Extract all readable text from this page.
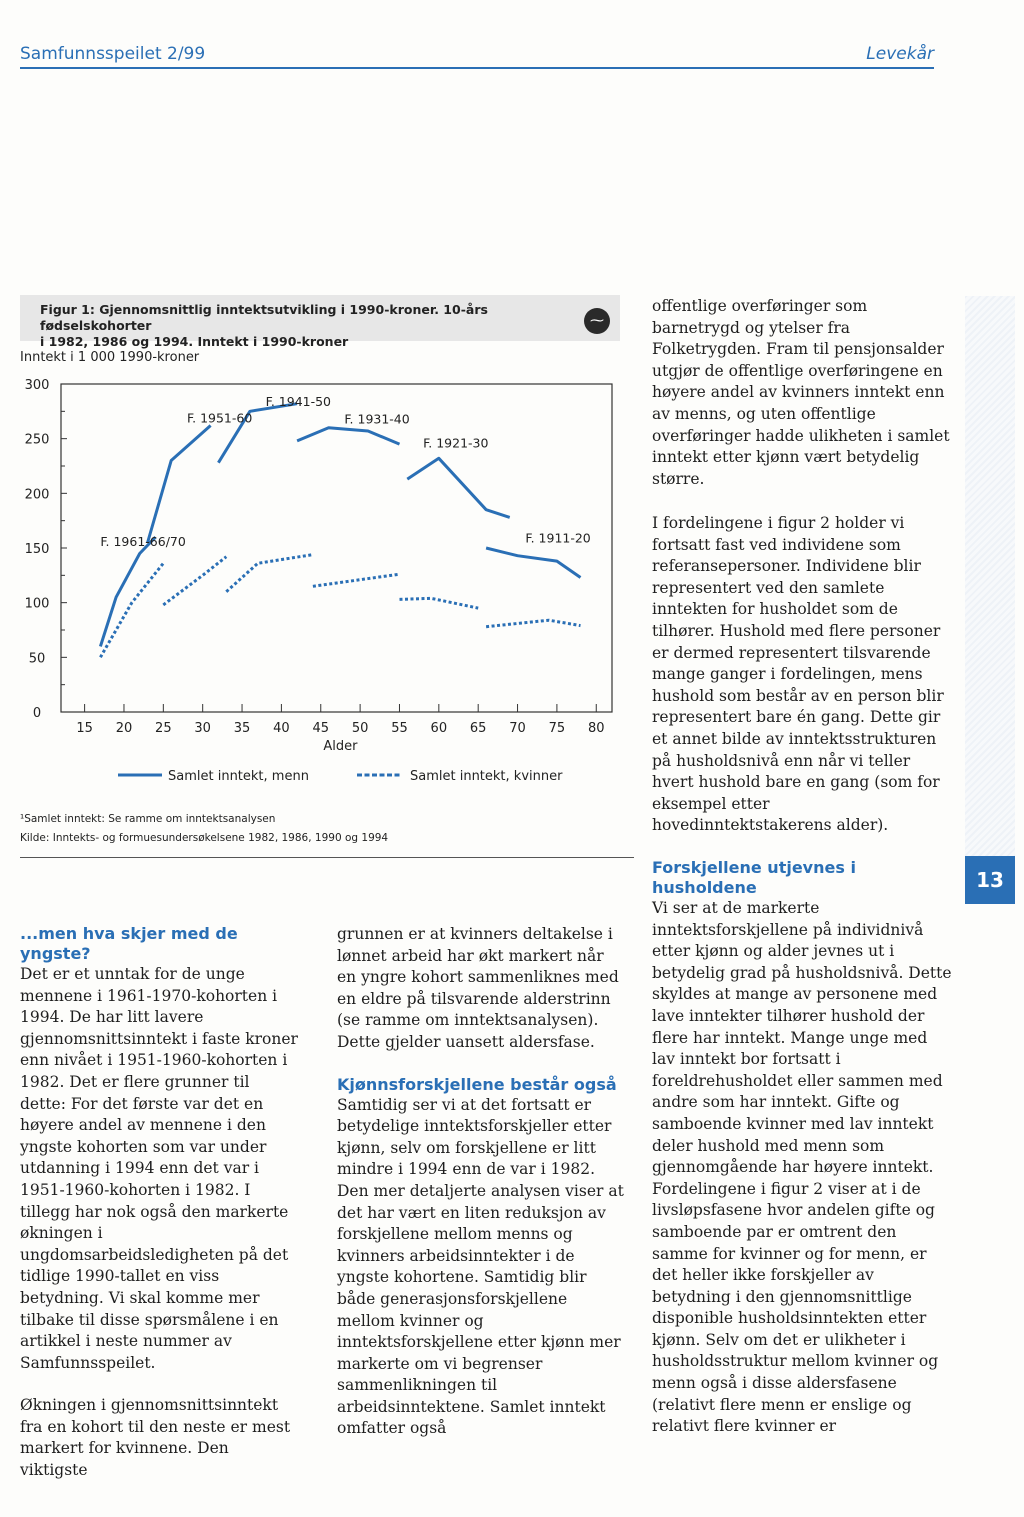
Samfunnsspeilet 2/99	Levekår
Figur 1: Gjennomsnittlig inntektsutvikling i 1990-kroner. 10-års fødselskohorter
i 1982, 1986 og 1994. Inntekt i 1990-kroner
⁓
Inntekt i 1 000 1990-kroner
0
50
100
150
200
250
300
15 20 25 30 35 40 45 50 55 60 65 70 75 80
Alder
F. 1961-66/70
F. 1951-60
F. 1941-50
F. 1931-40
F. 1921-30
F. 1911-20
Samlet inntekt, menn	Samlet inntekt, kvinner
¹Samlet inntekt: Se ramme om inntektsanalysen
Kilde: Inntekts- og formuesundersøkelsene 1982, 1986, 1990 og 1994
...men hva skjer med de yngste?

Det er et unntak for de unge mennene i 1961-1970-kohorten i 1994. De har litt lavere gjennomsnittsinntekt i faste kroner enn nivået i 1951-1960-kohorten i 1982. Det er flere grunner til dette: For det første var det en høyere andel av mennene i den yngste kohorten som var under utdanning i 1994 enn det var i 1951-1960-kohorten i 1982. I tillegg har nok også den markerte økningen i ungdomsarbeidsledigheten på det tidlige 1990-tallet en viss betydning. Vi skal komme mer tilbake til disse spørsmålene i en artikkel i neste nummer av Samfunnsspeilet.

Økningen i gjennomsnittsinntekt fra en kohort til den neste er mest markert for kvinnene. Den viktigste

grunnen er at kvinners deltakelse i lønnet arbeid har økt markert når en yngre kohort sammenliknes med en eldre på tilsvarende alderstrinn (se ramme om inntektsanalysen). Dette gjelder uansett aldersfase.

Kjønnsforskjellene består også

Samtidig ser vi at det fortsatt er betydelige inntektsforskjeller etter kjønn, selv om forskjellene er litt mindre i 1994 enn de var i 1982. Den mer detaljerte analysen viser at det har vært en liten reduksjon av forskjellene mellom menns og kvinners arbeidsinntekter i de yngste kohortene. Samtidig blir både generasjonsforskjellene mellom kvinner og inntektsforskjellene etter kjønn mer markerte om vi begrenser sammenlikningen til arbeidsinntektene. Samlet inntekt omfatter også

offentlige overføringer som barnetrygd og ytelser fra Folketrygden. Fram til pensjonsalder utgjør de offentlige overføringene en høyere andel av kvinners inntekt enn av menns, og uten offentlige overføringer hadde ulikheten i samlet inntekt etter kjønn vært betydelig større.

I fordelingene i figur 2 holder vi fortsatt fast ved individene som referansepersoner. Individene blir representert ved den samlete inntekten for husholdet som de tilhører. Hushold med flere personer er dermed representert tilsvarende mange ganger i fordelingen, mens hushold som består av en person blir representert bare én gang. Dette gir et annet bilde av inntektsstrukturen på husholdsnivå enn når vi teller hvert hushold bare en gang (som for eksempel etter hovedinntektstakerens alder).

Forskjellene utjevnes i husholdene

Vi ser at de markerte inntektsforskjellene på individnivå etter kjønn og alder jevnes ut i betydelig grad på husholdsnivå. Dette skyldes at mange av personene med lave inntekter tilhører hushold der flere har inntekt. Mange unge med lav inntekt bor fortsatt i foreldrehusholdet eller sammen med andre som har inntekt. Gifte og samboende kvinner med lav inntekt deler hushold med menn som gjennomgående har høyere inntekt. Fordelingene i figur 2 viser at i de livsløpsfasene hvor andelen gifte og samboende par er omtrent den samme for kvinner og for menn, er det heller ikke forskjeller av betydning i den gjennomsnittlige disponible husholdsinntekten etter kjønn. Selv om det er ulikheter i husholdsstruktur mellom kvinner og menn også i disse aldersfasene (relativt flere menn er enslige og relativt flere kvinner er

13
